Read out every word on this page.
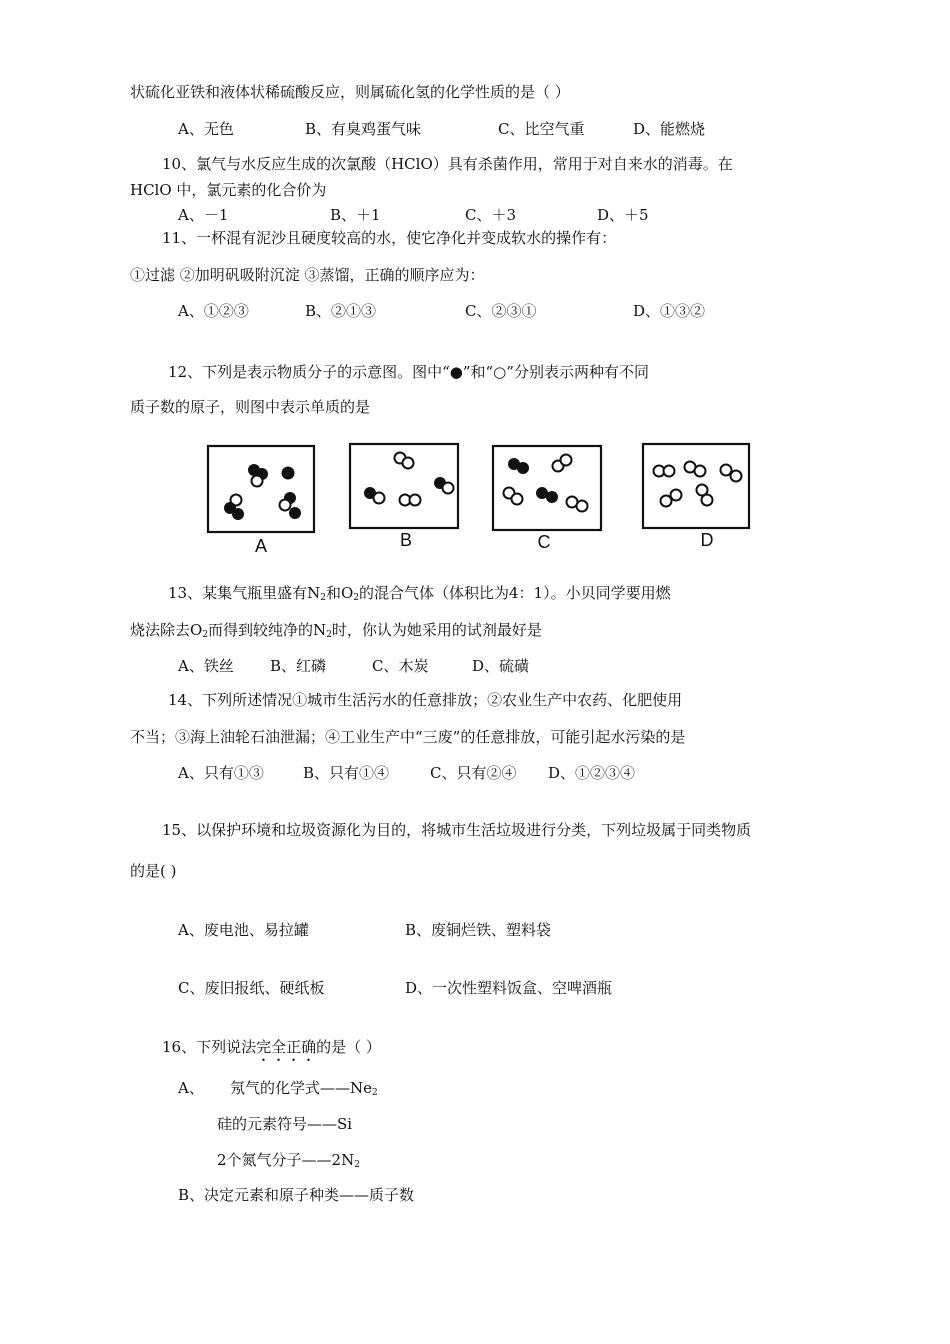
状硫化亚铁和液体状稀硫酸反应，则属硫化氢的化学性质的是（ ）
A、无色	B、有臭鸡蛋气味	C、比空气重	D、能燃烧
10、氯气与水反应生成的次氯酸（HClO）具有杀菌作用，常用于对自来水的消毒。在
HClO 中，氯元素的化合价为
A、－1	B、＋1	C、＋3	D、＋5
11、一杯混有泥沙且硬度较高的水，使它净化并变成软水的操作有：
①过滤 ②加明矾吸附沉淀 ③蒸馏，正确的顺序应为：
A、①②③	B、②①③	C、②③①	D、①③②
12、下列是表示物质分子的示意图。图中“●”和“○”分别表示两种有不同
质子数的原子，则图中表示单质的是
A	B	C	D
13、某集气瓶里盛有$N_2$和$O_2$的混合气体（体积比为4：1）。小贝同学要用燃
烧法除去$O_2$而得到较纯净的$N_2$时，你认为她采用的试剂最好是
A、铁丝 B、红磷	C、木炭	D、硫磺
14、下列所述情况①城市生活污水的任意排放；②农业生产中农药、化肥使用
不当；③海上油轮石油泄漏；④工业生产中“三废”的任意排放，可能引起水污染的是
A、只有①③	B、只有①④	C、只有②④ D、①②③④
15、以保护环境和垃圾资源化为目的，将城市生活垃圾进行分类，下列垃圾属于同类物质
的是( )
A、废电池、易拉罐	B、废铜烂铁、塑料袋
C、废旧报纸、硬纸板	D、一次性塑料饭盒、空啤酒瓶
16、下列说法完全正确的是（ ）
A、 氖气的化学式$——Ne_2$
硅的元素符号——Si
2个氮气分子$——2N_2$
B、决定元素和原子种类——质子数
